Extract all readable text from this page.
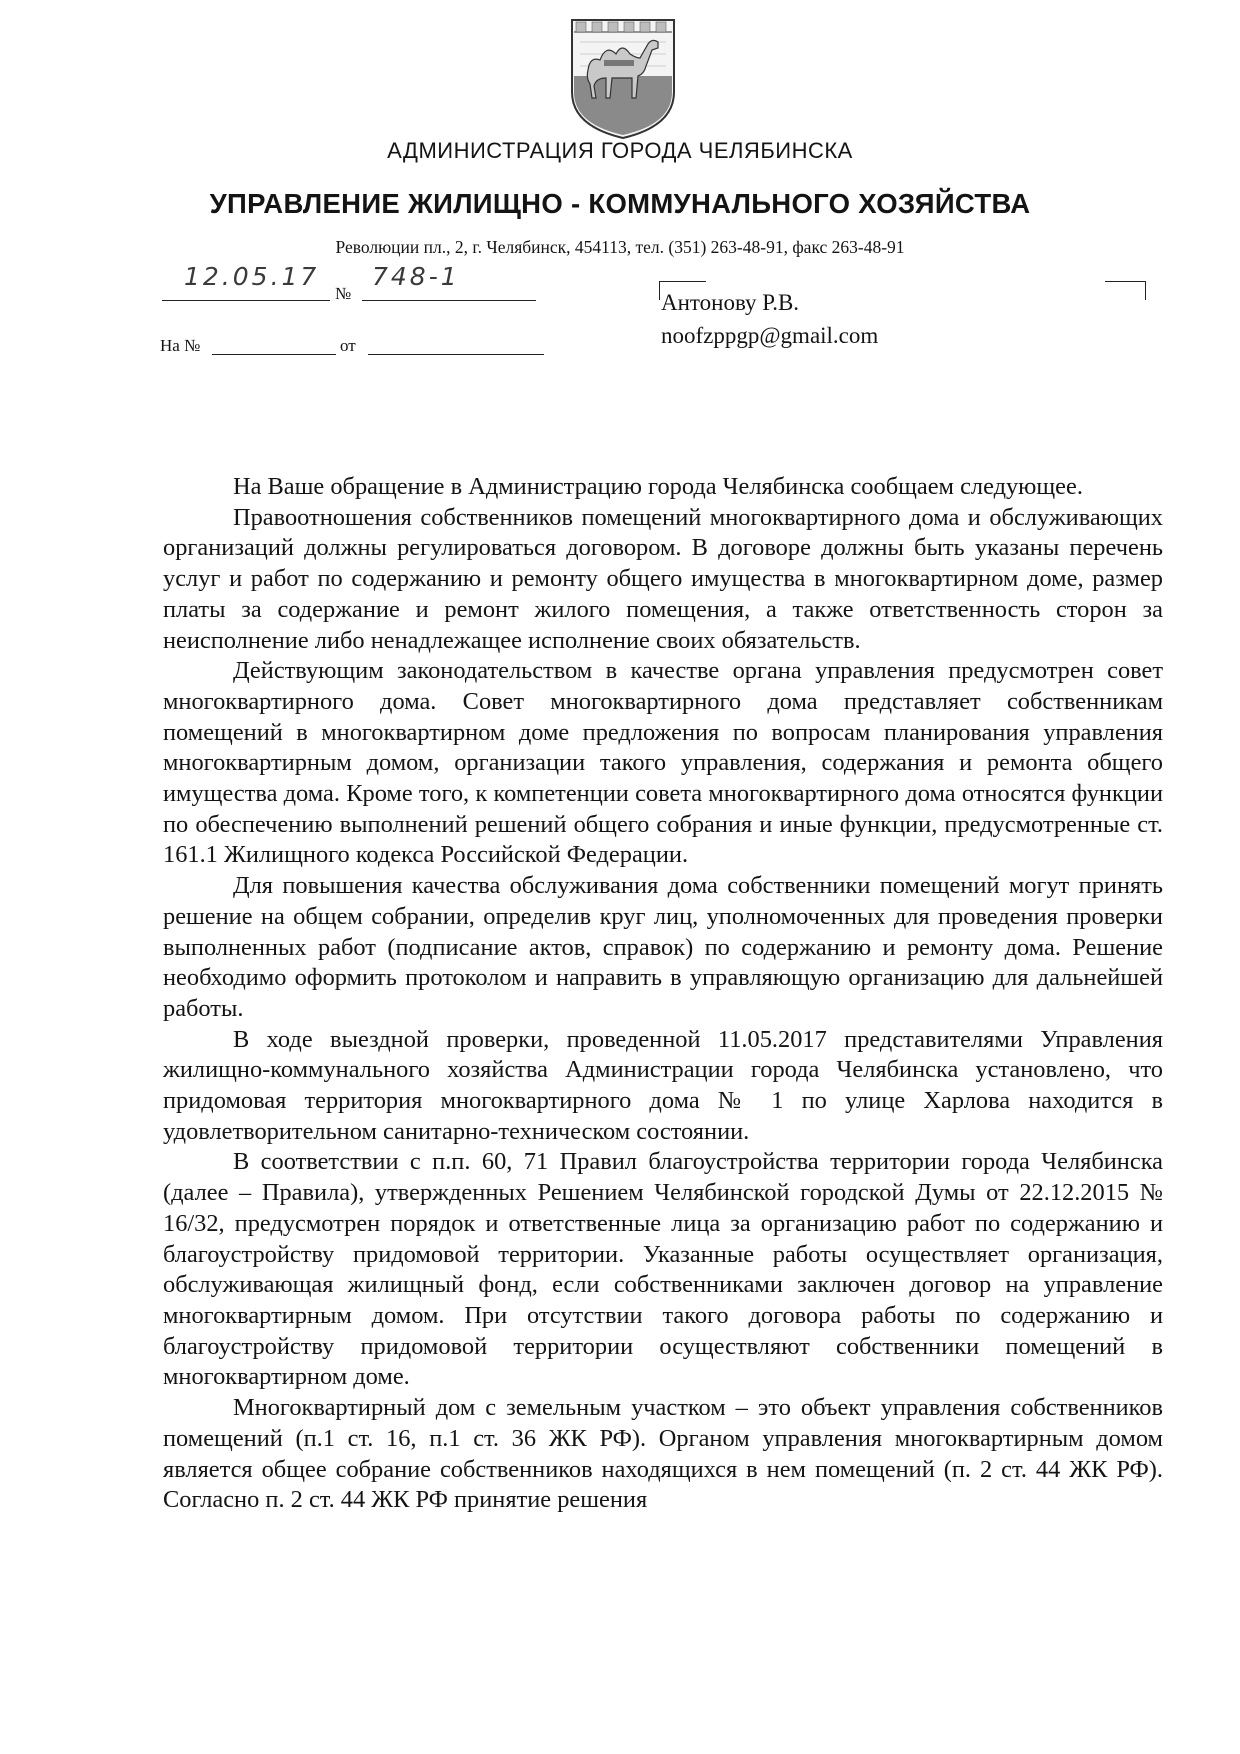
АДМИНИСТРАЦИЯ ГОРОДА ЧЕЛЯБИНСКА
УПРАВЛЕНИЕ ЖИЛИЩНО - КОММУНАЛЬНОГО ХОЗЯЙСТВА
Революции пл., 2, г. Челябинск, 454113, тел. (351) 263-48-91, факс 263-48-91
12.05.17
№
748-1
На №	от
Антонову Р.В.
noofzppgp@gmail.com

На Ваше обращение в Администрацию города Челябинска сообщаем следующее.

Правоотношения собственников помещений многоквартирного дома и обслуживающих организаций должны регулироваться договором. В договоре должны быть указаны перечень услуг и работ по содержанию и ремонту общего имущества в многоквартирном доме, размер платы за содержание и ремонт жилого помещения, а также ответственность сторон за неисполнение либо ненадлежащее исполнение своих обязательств.

Действующим законодательством в качестве органа управления предусмотрен совет многоквартирного дома. Совет многоквартирного дома представляет собственникам помещений в многоквартирном доме предложения по вопросам планирования управления многоквартирным домом, организации такого управления, содержания и ремонта общего имущества дома. Кроме того, к компетенции совета многоквартирного дома относятся функции по обеспечению выполнений решений общего собрания и иные функции, предусмотренные ст. 161.1 Жилищного кодекса Российской Федерации.

Для повышения качества обслуживания дома собственники помещений могут принять решение на общем собрании, определив круг лиц, уполномоченных для проведения проверки выполненных работ (подписание актов, справок) по содержанию и ремонту дома. Решение необходимо оформить протоколом и направить в управляющую организацию для дальнейшей работы.

В ходе выездной проверки, проведенной 11.05.2017 представителями Управления жилищно-коммунального хозяйства Администрации города Челябинска установлено, что придомовая территория многоквартирного дома № 1 по улице Харлова находится в удовлетворительном санитарно-техническом состоянии.

В соответствии с п.п. 60, 71 Правил благоустройства территории города Челябинска (далее – Правила), утвержденных Решением Челябинской городской Думы от 22.12.2015 № 16/32, предусмотрен порядок и ответственные лица за организацию работ по содержанию и благоустройству придомовой территории. Указанные работы осуществляет организация, обслуживающая жилищный фонд, если собственниками заключен договор на управление многоквартирным домом. При отсутствии такого договора работы по содержанию и благоустройству придомовой территории осуществляют собственники помещений в многоквартирном доме.

Многоквартирный дом с земельным участком – это объект управления собственников помещений (п.1 ст. 16, п.1 ст. 36 ЖК РФ). Органом управления многоквартирным домом является общее собрание собственников находящихся в нем помещений (п. 2 ст. 44 ЖК РФ). Согласно п. 2 ст. 44 ЖК РФ принятие решения
